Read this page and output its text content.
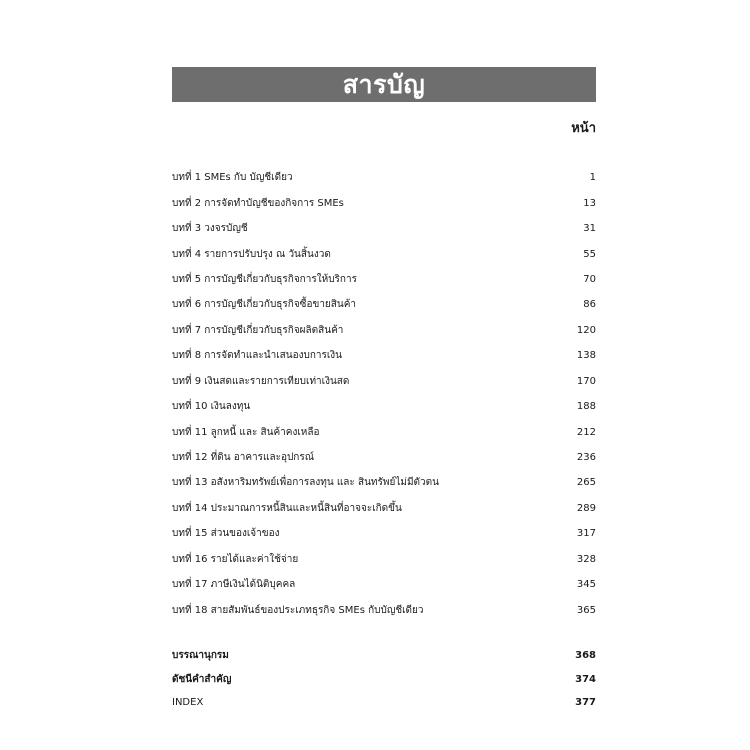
สารบัญ
หน้า
บทที่ 1 SMEs กับ บัญชีเดียว	1
บทที่ 2 การจัดทำบัญชีของกิจการ SMEs	13
บทที่ 3 วงจรบัญชี	31
บทที่ 4 รายการปรับปรุง ณ วันสิ้นงวด	55
บทที่ 5 การบัญชีเกี่ยวกับธุรกิจการให้บริการ	70
บทที่ 6 การบัญชีเกี่ยวกับธุรกิจซื้อขายสินค้า	86
บทที่ 7 การบัญชีเกี่ยวกับธุรกิจผลิตสินค้า	120
บทที่ 8 การจัดทำและนำเสนองบการเงิน	138
บทที่ 9 เงินสดและรายการเทียบเท่าเงินสด	170
บทที่ 10 เงินลงทุน	188
บทที่ 11 ลูกหนี้ และ สินค้าคงเหลือ	212
บทที่ 12 ที่ดิน อาคารและอุปกรณ์	236
บทที่ 13 อสังหาริมทรัพย์เพื่อการลงทุน และ สินทรัพย์ไม่มีตัวตน	265
บทที่ 14 ประมาณการหนี้สินและหนี้สินที่อาจจะเกิดขึ้น	289
บทที่ 15 ส่วนของเจ้าของ	317
บทที่ 16 รายได้และค่าใช้จ่าย	328
บทที่ 17 ภาษีเงินได้นิติบุคคล	345
บทที่ 18 สายสัมพันธ์ของประเภทธุรกิจ SMEs กับบัญชีเดียว	365
บรรณานุกรม	368
ดัชนีคำสำคัญ	374
INDEX	377
